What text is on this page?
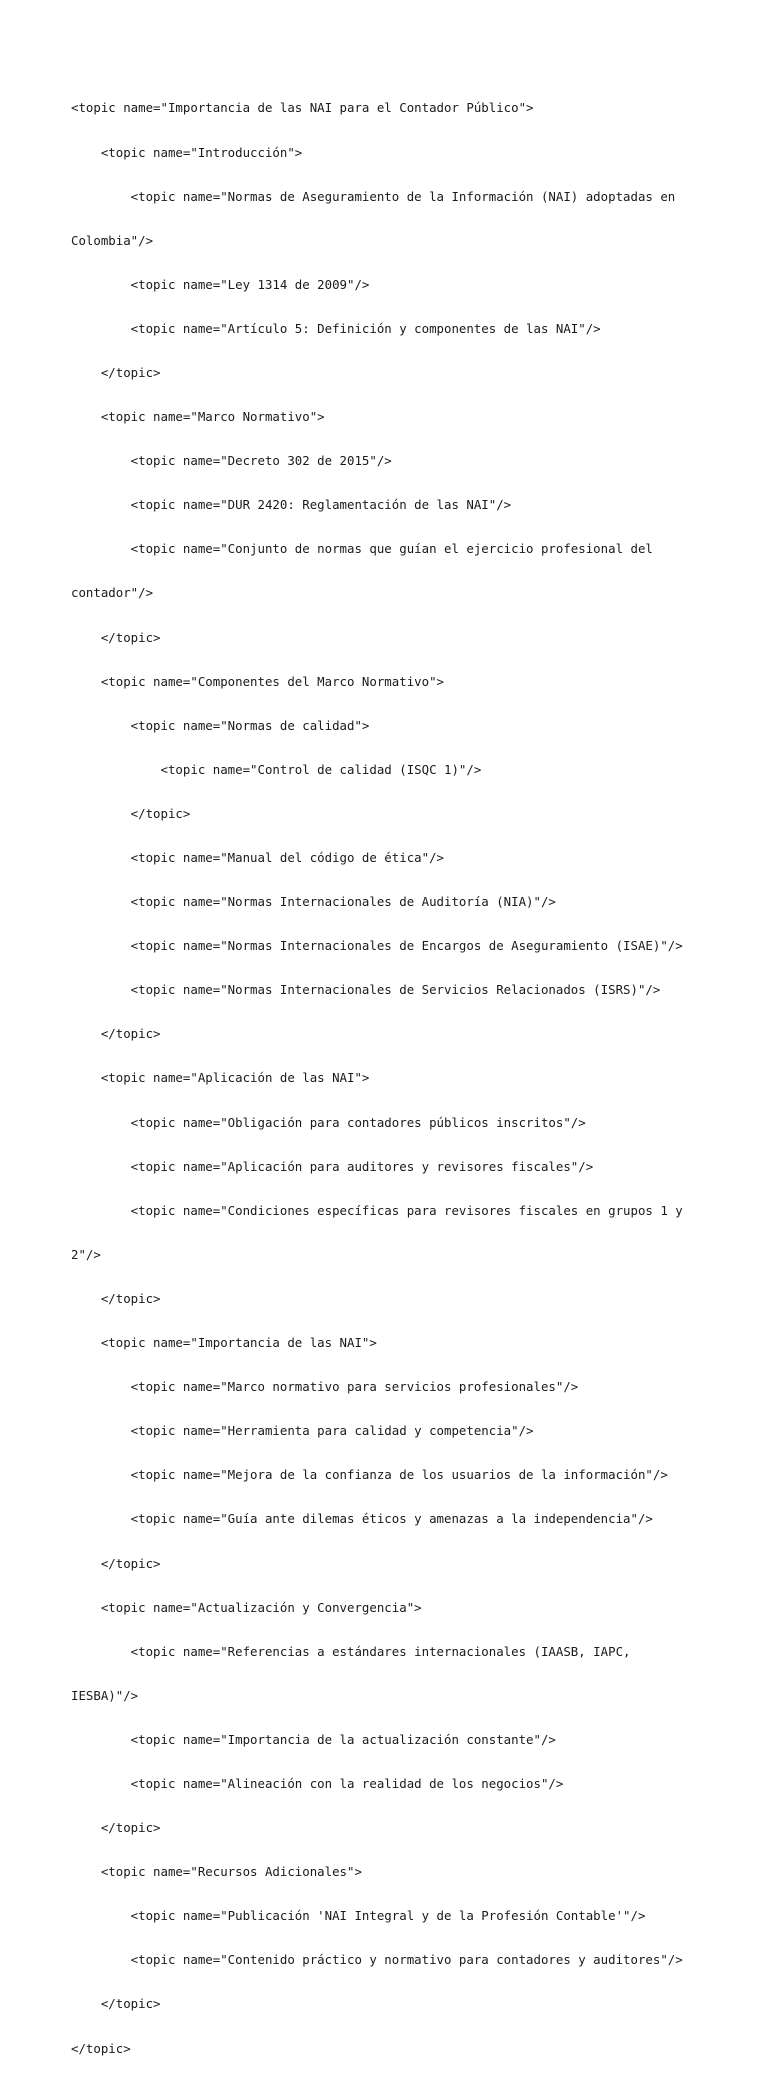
<topic name="Importancia de las NAI para el Contador Público">

<topic name="Introducción">

<topic name="Normas de Aseguramiento de la Información (NAI) adoptadas en

Colombia"/>

<topic name="Ley 1314 de 2009"/>

<topic name="Artículo 5: Definición y componentes de las NAI"/>

</topic>

<topic name="Marco Normativo">

<topic name="Decreto 302 de 2015"/>

<topic name="DUR 2420: Reglamentación de las NAI"/>

<topic name="Conjunto de normas que guían el ejercicio profesional del

contador"/>

</topic>

<topic name="Componentes del Marco Normativo">

<topic name="Normas de calidad">

<topic name="Control de calidad (ISQC 1)"/>

</topic>

<topic name="Manual del código de ética"/>

<topic name="Normas Internacionales de Auditoría (NIA)"/>

<topic name="Normas Internacionales de Encargos de Aseguramiento (ISAE)"/>

<topic name="Normas Internacionales de Servicios Relacionados (ISRS)"/>

</topic>

<topic name="Aplicación de las NAI">

<topic name="Obligación para contadores públicos inscritos"/>

<topic name="Aplicación para auditores y revisores fiscales"/>

<topic name="Condiciones específicas para revisores fiscales en grupos 1 y

2"/>

</topic>

<topic name="Importancia de las NAI">

<topic name="Marco normativo para servicios profesionales"/>

<topic name="Herramienta para calidad y competencia"/>

<topic name="Mejora de la confianza de los usuarios de la información"/>

<topic name="Guía ante dilemas éticos y amenazas a la independencia"/>

</topic>

<topic name="Actualización y Convergencia">

<topic name="Referencias a estándares internacionales (IAASB, IAPC,

IESBA)"/>

<topic name="Importancia de la actualización constante"/>

<topic name="Alineación con la realidad de los negocios"/>

</topic>

<topic name="Recursos Adicionales">

<topic name="Publicación 'NAI Integral y de la Profesión Contable'"/>

<topic name="Contenido práctico y normativo para contadores y auditores"/>

</topic>

</topic>
